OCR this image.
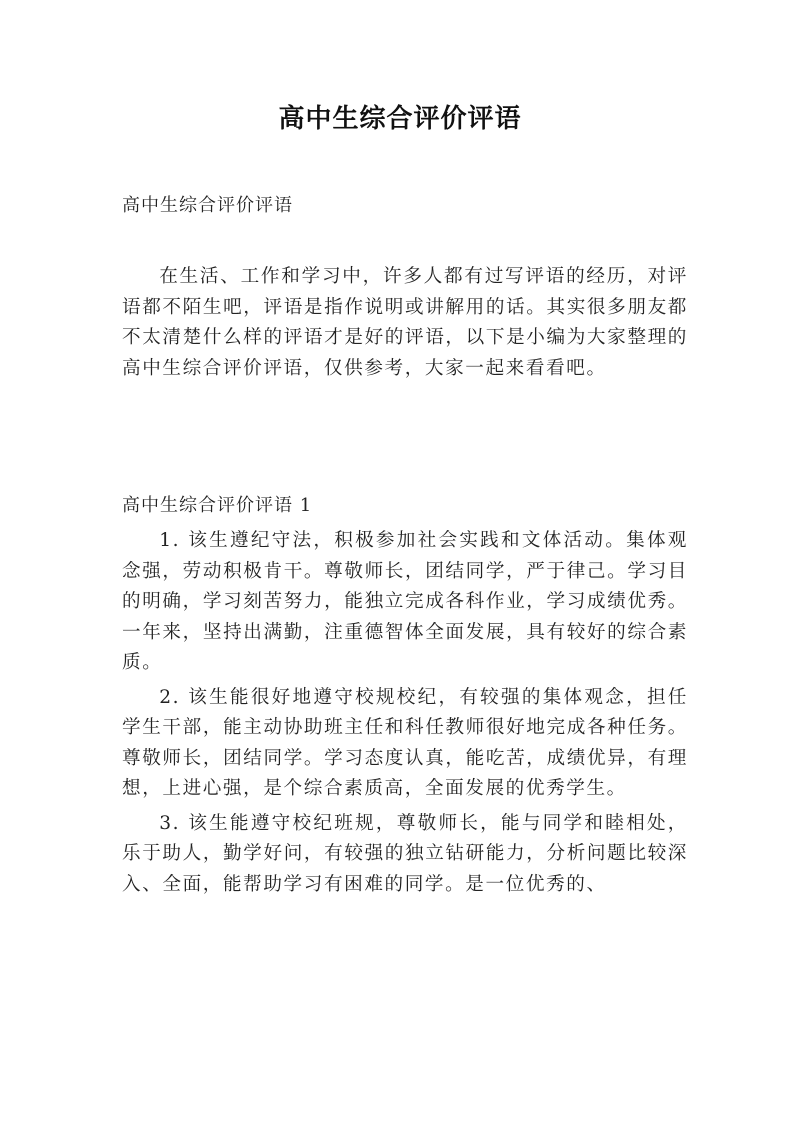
高中生综合评价评语
高中生综合评价评语

在生活、工作和学习中，许多人都有过写评语的经历，对评语都不陌生吧，评语是指作说明或讲解用的话。其实很多朋友都不太清楚什么样的评语才是好的评语，以下是小编为大家整理的高中生综合评价评语，仅供参考，大家一起来看看吧。

高中生综合评价评语 1

1. 该生遵纪守法，积极参加社会实践和文体活动。集体观念强，劳动积极肯干。尊敬师长，团结同学，严于律己。学习目的明确，学习刻苦努力，能独立完成各科作业，学习成绩优秀。一年来，坚持出满勤，注重德智体全面发展，具有较好的综合素质。

2. 该生能很好地遵守校规校纪，有较强的集体观念，担任学生干部，能主动协助班主任和科任教师很好地完成各种任务。尊敬师长，团结同学。学习态度认真，能吃苦，成绩优异，有理想，上进心强，是个综合素质高，全面发展的优秀学生。

3. 该生能遵守校纪班规，尊敬师长，能与同学和睦相处，乐于助人，勤学好问，有较强的独立钻研能力，分析问题比较深入、全面，能帮助学习有困难的同学。是一位优秀的、
